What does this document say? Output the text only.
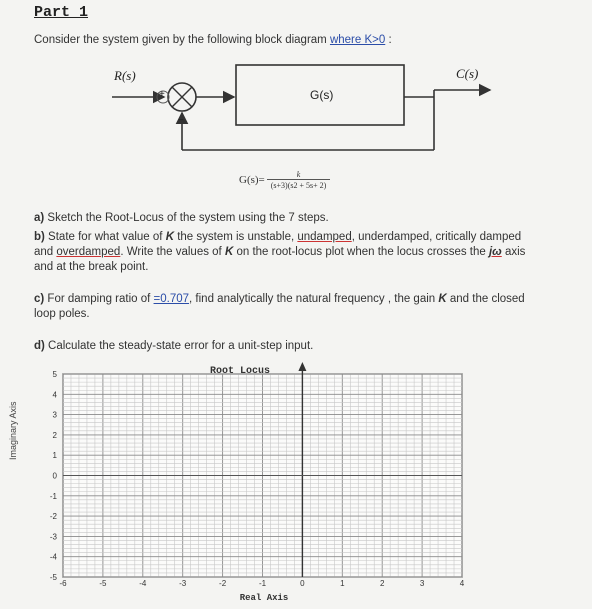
Part 1
Consider the system given by the following block diagram where K>0 :
R(s)	C(s)
G(s)
+
−
$G(s)= \frac{k}{(s+3)(s2 + 5s+ 2)}$
a) Sketch the Root-Locus of the system using the 7 steps.
b) State for what value of K the system is unstable, undamped, underdamped, critically damped
and overdamped. Write the values of K on the root-locus plot when the locus crosses the jω axis
and at the break point.
c) For damping ratio of =0.707, find analytically the natural frequency , the gain K and the closed
loop poles.
d) Calculate the steady-state error for a unit-step input.
Root Locus
-6	-5	-4	-3	-2	-1	0	1	2	3	4
5
4
3
2
1
0
-1
-2
-3
-4
-5
Real Axis
Imaginary Axis
